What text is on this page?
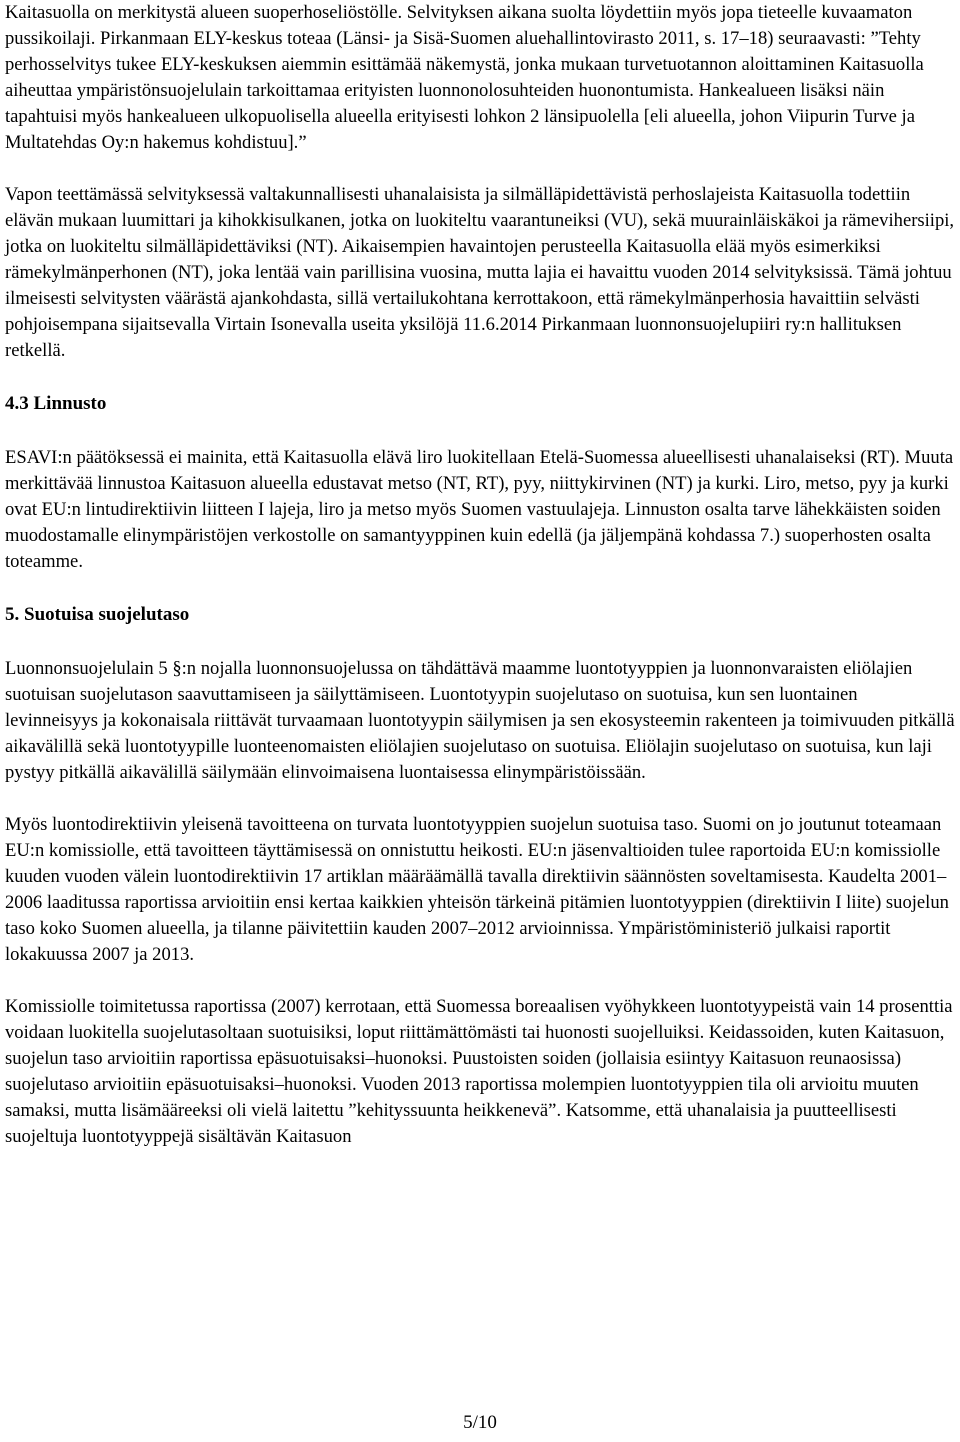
Kaitasuolla on merkitystä alueen suoperhoseliöstölle. Selvityksen aikana suolta löydettiin myös jopa tieteelle kuvaamaton pussikoilaji. Pirkanmaan ELY-keskus toteaa (Länsi- ja Sisä-Suomen aluehallintovirasto 2011, s. 17–18) seuraavasti: ”Tehty perhosselvitys tukee ELY-keskuksen aiemmin esittämää näkemystä, jonka mukaan turvetuotannon aloittaminen Kaitasuolla aiheuttaa ympäristönsuojelulain tarkoittamaa erityisten luonnonolosuhteiden huonontumista. Hankealueen lisäksi näin tapahtuisi myös hankealueen ulkopuolisella alueella erityisesti lohkon 2 länsipuolella [eli alueella, johon Viipurin Turve ja Multatehdas Oy:n hakemus kohdistuu].”

Vapon teettämässä selvityksessä valtakunnallisesti uhanalaisista ja silmälläpidettävistä perhoslajeista Kaitasuolla todettiin elävän mukaan luumittari ja kihokkisulkanen, jotka on luokiteltu vaarantuneiksi (VU), sekä muurainläiskäkoi ja rämevihersiipi, jotka on luokiteltu silmälläpidettäviksi (NT). Aikaisempien havaintojen perusteella Kaitasuolla elää myös esimerkiksi rämekylmänperhonen (NT), joka lentää vain parillisina vuosina, mutta lajia ei havaittu vuoden 2014 selvityksissä. Tämä johtuu ilmeisesti selvitysten väärästä ajankohdasta, sillä vertailukohtana kerrottakoon, että rämekylmänperhosia havaittiin selvästi pohjoisempana sijaitsevalla Virtain Isonevalla useita yksilöjä 11.6.2014 Pirkanmaan luonnonsuojelupiiri ry:n hallituksen retkellä.

4.3 Linnusto

ESAVI:n päätöksessä ei mainita, että Kaitasuolla elävä liro luokitellaan Etelä-Suomessa alueellisesti uhanalaiseksi (RT). Muuta merkittävää linnustoa Kaitasuon alueella edustavat metso (NT, RT), pyy, niittykirvinen (NT) ja kurki. Liro, metso, pyy ja kurki ovat EU:n lintudirektiivin liitteen I lajeja, liro ja metso myös Suomen vastuulajeja. Linnuston osalta tarve lähekkäisten soiden muodostamalle elinympäristöjen verkostolle on samantyyppinen kuin edellä (ja jäljempänä kohdassa 7.) suoperhosten osalta toteamme.

5. Suotuisa suojelutaso

Luonnonsuojelulain 5 §:n nojalla luonnonsuojelussa on tähdättävä maamme luontotyyppien ja luonnonvaraisten eliölajien suotuisan suojelutason saavuttamiseen ja säilyttämiseen. Luontotyypin suojelutaso on suotuisa, kun sen luontainen levinneisyys ja kokonaisala riittävät turvaamaan luontotyypin säilymisen ja sen ekosysteemin rakenteen ja toimivuuden pitkällä aikavälillä sekä luontotyypille luonteenomaisten eliölajien suojelutaso on suotuisa. Eliölajin suojelutaso on suotuisa, kun laji pystyy pitkällä aikavälillä säilymään elinvoimaisena luontaisessa elinympäristöissään.

Myös luontodirektiivin yleisenä tavoitteena on turvata luontotyyppien suojelun suotuisa taso. Suomi on jo joutunut toteamaan EU:n komissiolle, että tavoitteen täyttämisessä on onnistuttu heikosti. EU:n jäsenvaltioiden tulee raportoida EU:n komissiolle kuuden vuoden välein luontodirektiivin 17 artiklan määräämällä tavalla direktiivin säännösten soveltamisesta. Kaudelta 2001–2006 laaditussa raportissa arvioitiin ensi kertaa kaikkien yhteisön tärkeinä pitämien luontotyyppien (direktiivin I liite) suojelun taso koko Suomen alueella, ja tilanne päivitettiin kauden 2007–2012 arvioinnissa. Ympäristöministeriö julkaisi raportit lokakuussa 2007 ja 2013.

Komissiolle toimitetussa raportissa (2007) kerrotaan, että Suomessa boreaalisen vyöhykkeen luontotyypeistä vain 14 prosenttia voidaan luokitella suojelutasoltaan suotuisiksi, loput riittämättömästi tai huonosti suojelluiksi. Keidassoiden, kuten Kaitasuon, suojelun taso arvioitiin raportissa epäsuotuisaksi–huonoksi. Puustoisten soiden (jollaisia esiintyy Kaitasuon reunaosissa) suojelutaso arvioitiin epäsuotuisaksi–huonoksi. Vuoden 2013 raportissa molempien luontotyyppien tila oli arvioitu muuten samaksi, mutta lisämääreeksi oli vielä laitettu ”kehityssuunta heikkenevä”. Katsomme, että uhanalaisia ja puutteellisesti suojeltuja luontotyyppejä sisältävän Kaitasuon

5/10
